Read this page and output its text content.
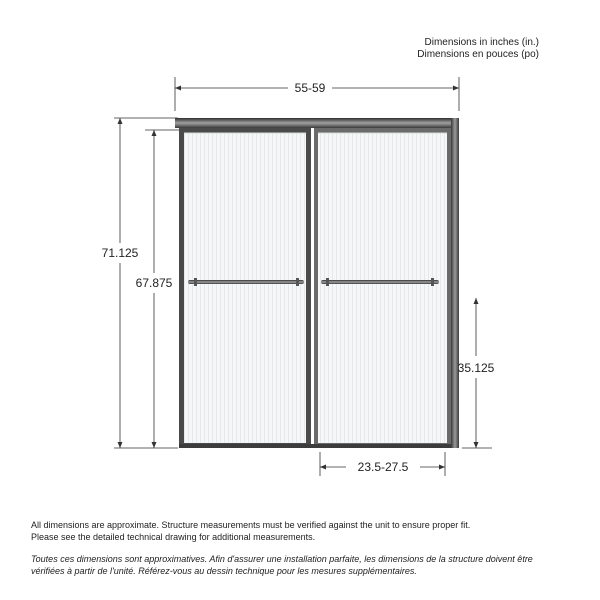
Dimensions in inches (in.)
Dimensions en pouces (po)
55-59
71.125
67.875
35.125
23.5-27.5

All dimensions are approximate. Structure measurements must be verified against the unit to ensure proper fit.

Please see the detailed technical drawing for additional measurements.

Toutes ces dimensions sont approximatives. Afin d'assurer une installation parfaite, les dimensions de la structure doivent être

vérifiées à partir de l'unité. Référez-vous au dessin technique pour les mesures supplémentaires.
